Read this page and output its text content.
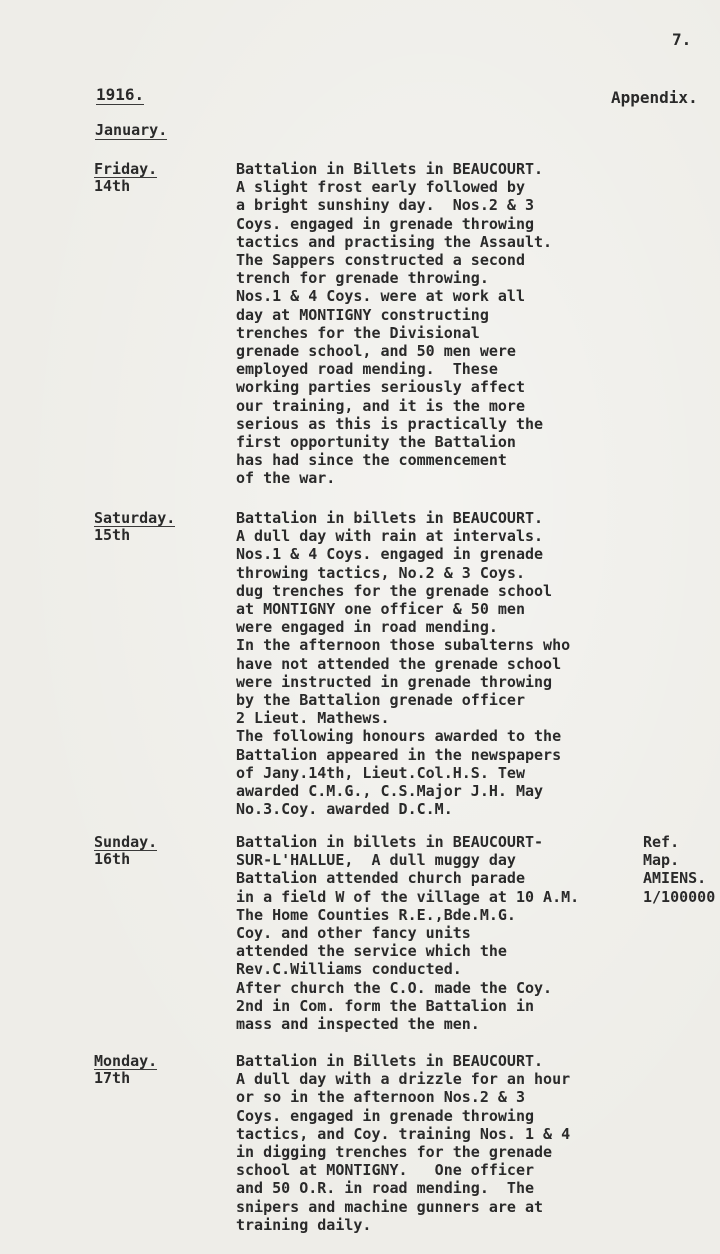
7.
1916.	Appendix.
January.
Friday.
14th
Battalion in Billets in BEAUCOURT.
A slight frost early followed by
a bright sunshiny day.  Nos.2 & 3
Coys. engaged in grenade throwing
tactics and practising the Assault.
The Sappers constructed a second
trench for grenade throwing.
Nos.1 & 4 Coys. were at work all
day at MONTIGNY constructing
trenches for the Divisional
grenade school, and 50 men were
employed road mending.  These
working parties seriously affect
our training, and it is the more
serious as this is practically the
first opportunity the Battalion
has had since the commencement
of the war.
Saturday.
15th
Battalion in billets in BEAUCOURT.
A dull day with rain at intervals.
Nos.1 & 4 Coys. engaged in grenade
throwing tactics, No.2 & 3 Coys.
dug trenches for the grenade school
at MONTIGNY one officer & 50 men
were engaged in road mending.
In the afternoon those subalterns who
have not attended the grenade school
were instructed in grenade throwing
by the Battalion grenade officer
2 Lieut. Mathews.
The following honours awarded to the
Battalion appeared in the newspapers
of Jany.14th, Lieut.Col.H.S. Tew
awarded C.M.G., C.S.Major J.H. May
No.3.Coy. awarded D.C.M.
Sunday.
16th
Battalion in billets in BEAUCOURT-
SUR-L'HALLUE,  A dull muggy day
Battalion attended church parade
in a field W of the village at 10 A.M.
The Home Counties R.E.,Bde.M.G.
Coy. and other fancy units
attended the service which the
Rev.C.Williams conducted.
After church the C.O. made the Coy.
2nd in Com. form the Battalion in
mass and inspected the men.
Ref.
Map.
AMIENS.
1/100000
Monday.
17th
Battalion in Billets in BEAUCOURT.
A dull day with a drizzle for an hour
or so in the afternoon Nos.2 & 3
Coys. engaged in grenade throwing
tactics, and Coy. training Nos. 1 & 4
in digging trenches for the grenade
school at MONTIGNY.   One officer
and 50 O.R. in road mending.  The
snipers and machine gunners are at
training daily.
